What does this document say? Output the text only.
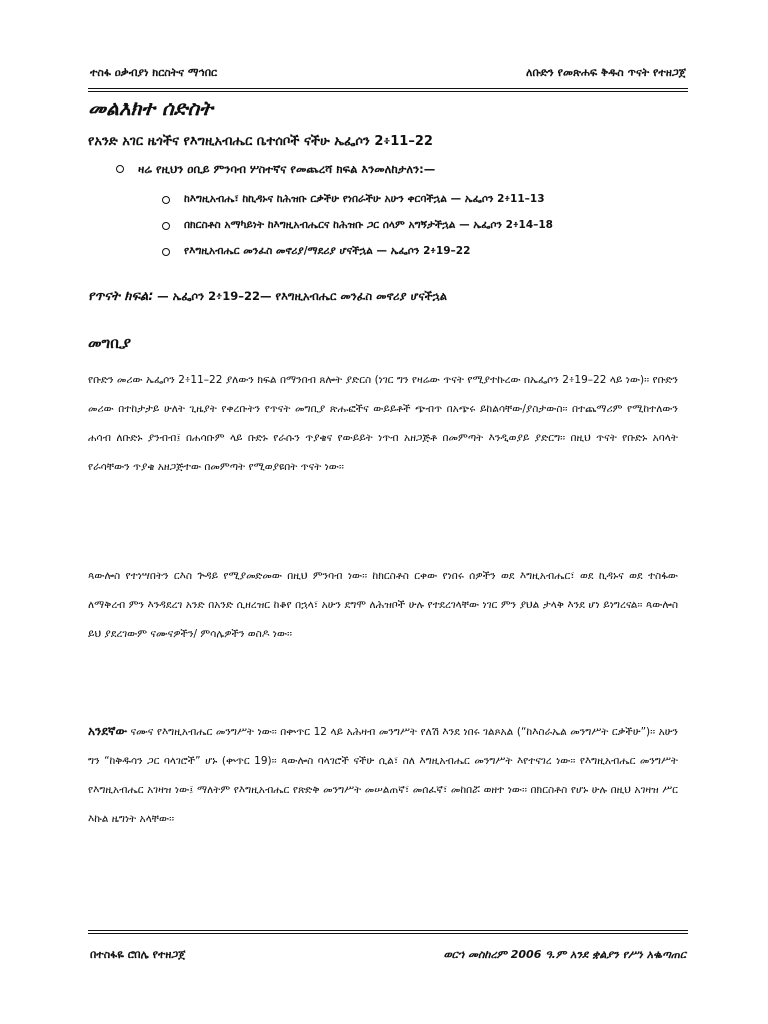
ተስፋ ዐቃብያነ ክርስትና ማኅበር	ለቡድን የመጽሐፍ ቅዱስ ጥናት የተዘጋጀ
መልእክተ ሰድስት
የአንድ አገር ዜጎችና የእግዚአብሔር ቤተሰቦች ናችሁ ኤፌሶን 2፥11–22
ዛሬ የዚህን ዐቢይ ምንባብ ሦስተኛና የመጨረሻ ክፍል እንመለከታለን:—
ከእግዚአብሔ፣ ከኪዳኑና ከሕዝቡ ርቃችሁ የነበራችሁ አሁን ቀርባችኋል — ኤፌሶን 2፥11–13
በክርስቶስ አማካይነት ከእግዚአብሔርና ከሕዝቡ ጋር ሰላም አግኝታችኋል — ኤፌሶን 2፥14–18
የእግዚአብሔር መንፈስ መኖሪያ/ማደሪያ ሆናችኋል — ኤፌሶን 2፥19–22
የጥናት ክፍል: — ኤፌሶን 2፥19–22— የእግዚአብሔር መንፈስ መኖሪያ ሆናችኋል
መግቢያ

የቡድን መሪው ኤፌሶን 2፥11–22 ያለውን ክፍል በማንበብ ጸሎት ያድርስ (ነገር ግን የዛሬው ጥናት የሚያተኩረው በኤፌሶን 2፥19–22 ላይ ነው)፡፡ የቡድን መሪው በተከታታይ ሁለት ጊዜያት የቀረቡትን የጥናት መግቢያ ጽሑፎችና ውይይቶች ጭብጥ በአጭሩ ይከልሳቸው/ያስታውስ፡፡ በተጨማሪም የሚከተለውን ሐሳብ ለቡድኑ ያንብብ፤ በሐሳቡም ላይ ቡድኑ የራሱን ጥያቄና የውይይት ነጥብ አዘጋጅቶ በመምጣት እንዲወያይ ያድርግ፡፡ በዚህ ጥናት የቡድኑ አባላት የራሳቸውን ጥያቄ አዘጋጅተው በመምጣት የሚወያዩበት ጥናት ነው፡፡

ጳውሎስ የተነሣበትን ርእስ ጕዳይ የሚያመድመው በዚህ ምንባብ ነው፡፡ ከክርስቶስ ርቀው የነበሩ ሰዎችን ወደ እግዚአብሔር፣ ወደ ኪዳኑና ወደ ተስፋው ለማቅረብ ምን እንዳደረገ አንድ በአንድ ሲዘረዝር ከቆየ በኋላ፣ አሁን ደግሞ ለሕዝቦች ሁሉ የተደረገላቸው ነገር ምን ያህል ታላቅ እንደ ሆነ ይነግረናል፡፡ ጳውሎስ ይህ ያደረገውም ናሙናዎችን/ ምሳሌዎችን ወስዶ ነው፡፡

አንደኛው ናሙና የእግዚአብሔር መንግሥት ነው፡፡ በቍጥር 12 ላይ አሕዛብ መንግሥት የለሽ እንደ ነበሩ ገልጾአል (“ከእስራኤል መንግሥት ርቃችሁ”)፡፡ አሁን ግን “ከቅዱሳን ጋር ባላገሮች” ሆኑ (ቍጥር 19)፡፡ ጳውሎስ ባላገሮች ናችሁ ሲል፣ ስለ እግዚአብሔር መንግሥት እየተናገረ ነው፡፡ የእግዚአብሔር መንግሥት የእግዚአብሔር አገዛዝ ነው፤ ማለትም የእግዚአብሔር የጽድቅ መንግሥት መሠልጠኛ፣ መሰፈኛ፣ መከበሯ ወዘተ ነው፡፡ በክርስቶስ የሆኑ ሁሉ በዚህ አገዛዝ ሥር እኩል ዜግነት አላቸው፡፡

በተስፋዬ ሮበሌ የተዘጋጀ	ወርኀ መስከረም 2006 ዓ.ም አንደ ቋልያን የሥነ አቈጣጠር
